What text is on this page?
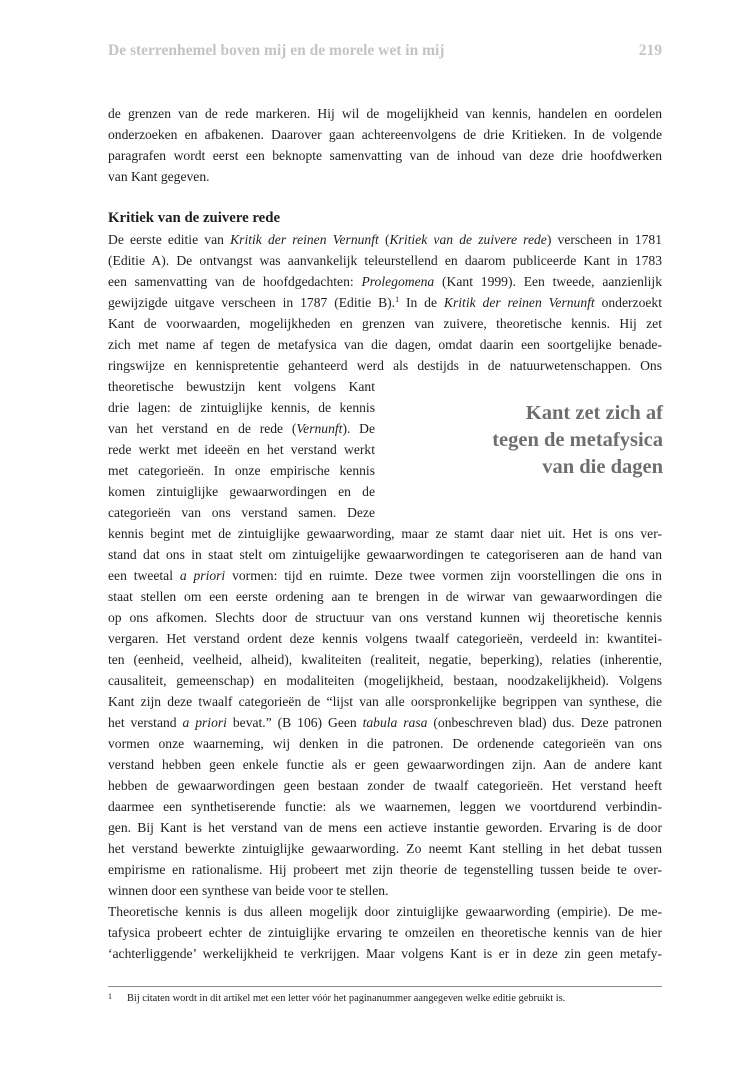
De sterrenhemel boven mij en de morele wet in mij	219
de grenzen van de rede markeren. Hij wil de mogelijkheid van kennis, handelen en oordelen
onderzoeken en afbakenen. Daarover gaan achtereenvolgens de drie Kritieken. In de volgende
paragrafen wordt eerst een beknopte samenvatting van de inhoud van deze drie hoofdwerken
van Kant gegeven.
Kritiek van de zuivere rede
De eerste editie van Kritik der reinen Vernunft (Kritiek van de zuivere rede) verscheen in 1781
(Editie A). De ontvangst was aanvankelijk teleurstellend en daarom publiceerde Kant in 1783
een samenvatting van de hoofdgedachten: Prolegomena (Kant 1999). Een tweede, aanzienlijk
gewijzigde uitgave verscheen in 1787 (Editie B).$^1$ In de Kritik der reinen Vernunft onderzoekt
Kant de voorwaarden, mogelijkheden en grenzen van zuivere, theoretische kennis. Hij zet
zich met name af tegen de metafysica van die dagen, omdat daarin een soortgelijke benade-
ringswijze en kennispretentie gehanteerd werd als destijds in de natuurwetenschappen. Ons
theoretische bewustzijn kent volgens Kant
drie lagen: de zintuiglijke kennis, de kennis
van het verstand en de rede (Vernunft). De
rede werkt met ideeën en het verstand werkt
met categorieën. In onze empirische kennis
komen zintuiglijke gewaarwordingen en de
categorieën van ons verstand samen. Deze
kennis begint met de zintuiglijke gewaarwording, maar ze stamt daar niet uit. Het is ons ver-
stand dat ons in staat stelt om zintuigelijke gewaarwordingen te categoriseren aan de hand van
een tweetal a priori vormen: tijd en ruimte. Deze twee vormen zijn voorstellingen die ons in
staat stellen om een eerste ordening aan te brengen in de wirwar van gewaarwordingen die
op ons afkomen. Slechts door de structuur van ons verstand kunnen wij theoretische kennis
vergaren. Het verstand ordent deze kennis volgens twaalf categorieën, verdeeld in: kwantitei-
ten (eenheid, veelheid, alheid), kwaliteiten (realiteit, negatie, beperking), relaties (inherentie,
causaliteit, gemeenschap) en modaliteiten (mogelijkheid, bestaan, noodzakelijkheid). Volgens
Kant zijn deze twaalf categorieën de “lijst van alle oorspronkelijke begrippen van synthese, die
het verstand a priori bevat.” (B 106) Geen tabula rasa (onbeschreven blad) dus. Deze patronen
vormen onze waarneming, wij denken in die patronen. De ordenende categorieën van ons
verstand hebben geen enkele functie als er geen gewaarwordingen zijn. Aan de andere kant
hebben de gewaarwordingen geen bestaan zonder de twaalf categorieën. Het verstand heeft
daarmee een synthetiserende functie: als we waarnemen, leggen we voortdurend verbindin-
gen. Bij Kant is het verstand van de mens een actieve instantie geworden. Ervaring is de door
het verstand bewerkte zintuiglijke gewaarwording. Zo neemt Kant stelling in het debat tussen
empirisme en rationalisme. Hij probeert met zijn theorie de tegenstelling tussen beide te over-
winnen door een synthese van beide voor te stellen.
Theoretische kennis is dus alleen mogelijk door zintuiglijke gewaarwording (empirie). De me-
tafysica probeert echter de zintuiglijke ervaring te omzeilen en theoretische kennis van de hier
‘achterliggende’ werkelijkheid te verkrijgen. Maar volgens Kant is er in deze zin geen metafy-
Kant zet zich af
tegen de metafysica
van die dagen
1 Bij citaten wordt in dit artikel met een letter vóór het paginanummer aangegeven welke editie gebruikt is.
